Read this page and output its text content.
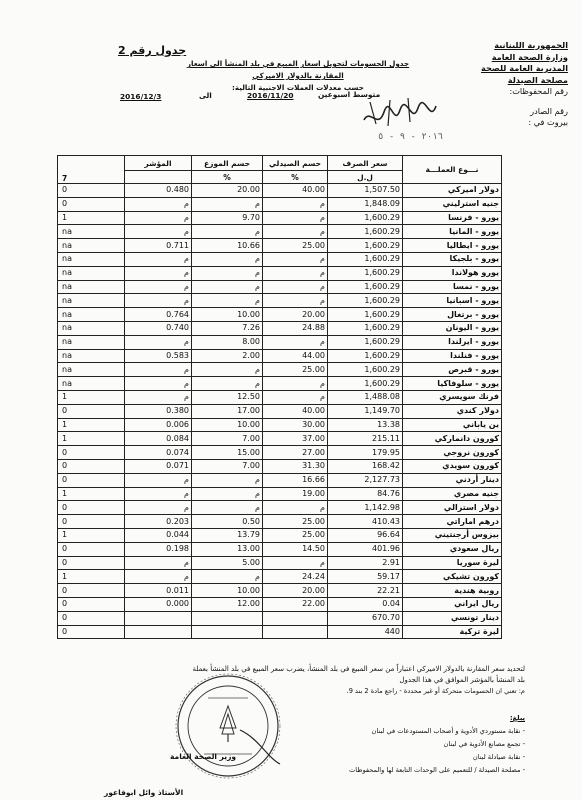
الجمهورية اللبنانية
وزارة الصحة العامة
المديرية العامة للصحة
مصلحة الصيدلة
رقم المحفوظات:
رقم الصادر
بيروت في :
٢٠١٦ - ٩ - ٥
جدول رقم 2
جدول الحسومات لتحويل اسعار المبيع في بلد المنشأ الى اسعار المقارنة بالدولار الاميركي
حسب معدلات العملات الاجنبية التالية:
متوسط اسبوعين
2016/11/20
الى
2016/12/3
7	المؤشر	حسم الموزع	حسم الصيدلي	سعر الصرف	نـــوع العملـــة
		%	%	ل.ل	
0	0.480	20.00	40.00	1,507.50	دولار اميركي
0	م	م	م	1,848.09	جنيه استرليني
1	م	9.70	م	1,600.29	يورو - فرنسا
na	م	م	م	1,600.29	يورو - المانيا
na	0.711	10.66	25.00	1,600.29	يورو - ايطاليا
na	م	م	م	1,600.29	يورو - بلجيكا
na	م	م	م	1,600.29	يورو هولاندا
na	م	م	م	1,600.29	يورو - نمسا
na	م	م	م	1,600.29	يورو - اسبانيا
na	0.764	10.00	20.00	1,600.29	يورو - برتغال
na	0.740	7.26	24.88	1,600.29	يورو - اليونان
na	م	8.00	م	1,600.29	يورو - ايرلندا
na	0.583	2.00	44.00	1,600.29	يورو - فنلندا
na	م	م	25.00	1,600.29	يورو - قبرص
na	م	م	م	1,600.29	يورو - سلوفاكيا
1	م	12.50	م	1,488.08	فرنك سويسري
0	0.380	17.00	40.00	1,149.70	دولار كندي
1	0.006	10.00	30.00	13.38	ين ياباني
1	0.084	7.00	37.00	215.11	كورون دانماركي
0	0.074	15.00	27.00	179.95	كورون نروجي
0	0.071	7.00	31.30	168.42	كورون سويدي
0	م	م	16.66	2,127.73	دينار أردني
1	م	م	19.00	84.76	جنيه مصري
0	م	م	م	1,142.98	دولار استرالي
0	0.203	0.50	25.00	410.43	درهم اماراتي
1	0.044	13.79	25.00	96.64	بيزوس أرجنتيني
0	0.198	13.00	14.50	401.96	ريال سعودي
0	م	5.00	م	2.91	ليرة سوريا
1	م	م	24.24	59.17	كورون تشيكي
0	0.011	10.00	20.00	22.21	روبية هندية
0	0.000	12.00	22.00	0.04	ريال ايراني
0				670.70	دينار تونسي
0				440	ليرة تركية
لتحديد سعر المقارنة بالدولار الاميركي اعتباراً من سعر المبيع في بلد المنشأ، يضرب سعر المبيع في بلد المنشأ بعملة
بلد المنشأ بالمؤشر الموافق في هذا الجدول
م: تعني ان الحسومات متحركة أو غير محددة - راجع مادة 2 بند 9.
يبلغ:
- نقابة مستوردي الأدوية و أصحاب المستودعات في لبنان
- تجمع مصانع الأدوية في لبنان
- نقابة صيادلة لبنان
- مصلحة الصيدلة / للتعميم على الوحدات التابعة لها والمحفوظات
وزير الصحة العامة
الأستاذ وائل ابوفاعور
